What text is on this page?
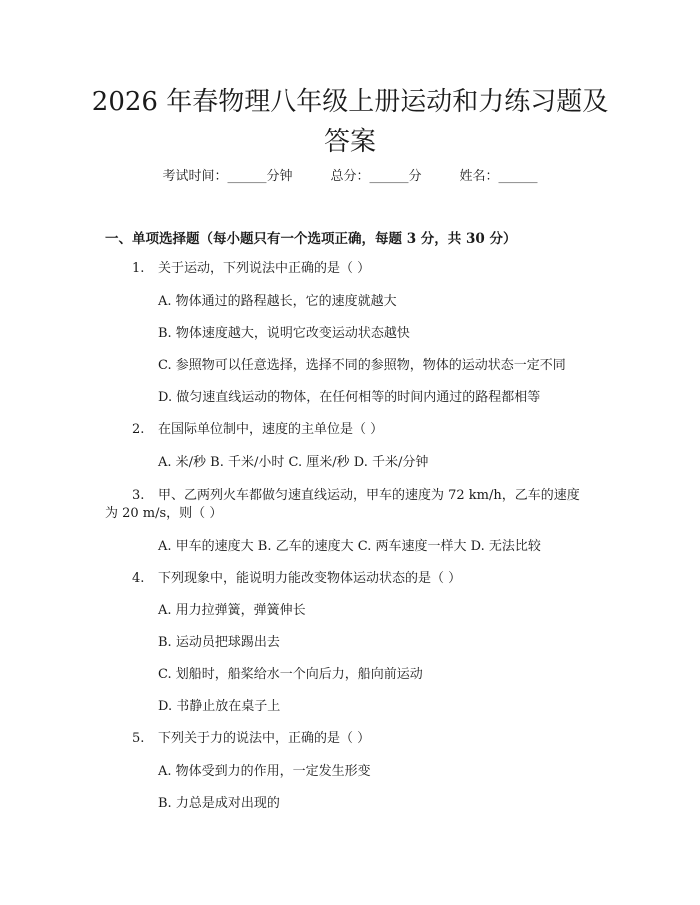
2026 年春物理八年级上册运动和力练习题及
答案
考试时间：______分钟	总分：______分	姓名：______
一、单项选择题（每小题只有一个选项正确，每题 3 分，共 30 分）
1. 关于运动，下列说法中正确的是（ ）
A. 物体通过的路程越长，它的速度就越大
B. 物体速度越大，说明它改变运动状态越快
C. 参照物可以任意选择，选择不同的参照物，物体的运动状态一定不同
D. 做匀速直线运动的物体，在任何相等的时间内通过的路程都相等
2. 在国际单位制中，速度的主单位是（ ）
A. 米/秒 B. 千米/小时 C. 厘米/秒 D. 千米/分钟
3. 甲、乙两列火车都做匀速直线运动，甲车的速度为 72 km/h，乙车的速度
为 20 m/s，则（ ）
A. 甲车的速度大 B. 乙车的速度大 C. 两车速度一样大 D. 无法比较
4. 下列现象中，能说明力能改变物体运动状态的是（ ）
A. 用力拉弹簧，弹簧伸长
B. 运动员把球踢出去
C. 划船时，船桨给水一个向后力，船向前运动
D. 书静止放在桌子上
5. 下列关于力的说法中，正确的是（ ）
A. 物体受到力的作用，一定发生形变
B. 力总是成对出现的
